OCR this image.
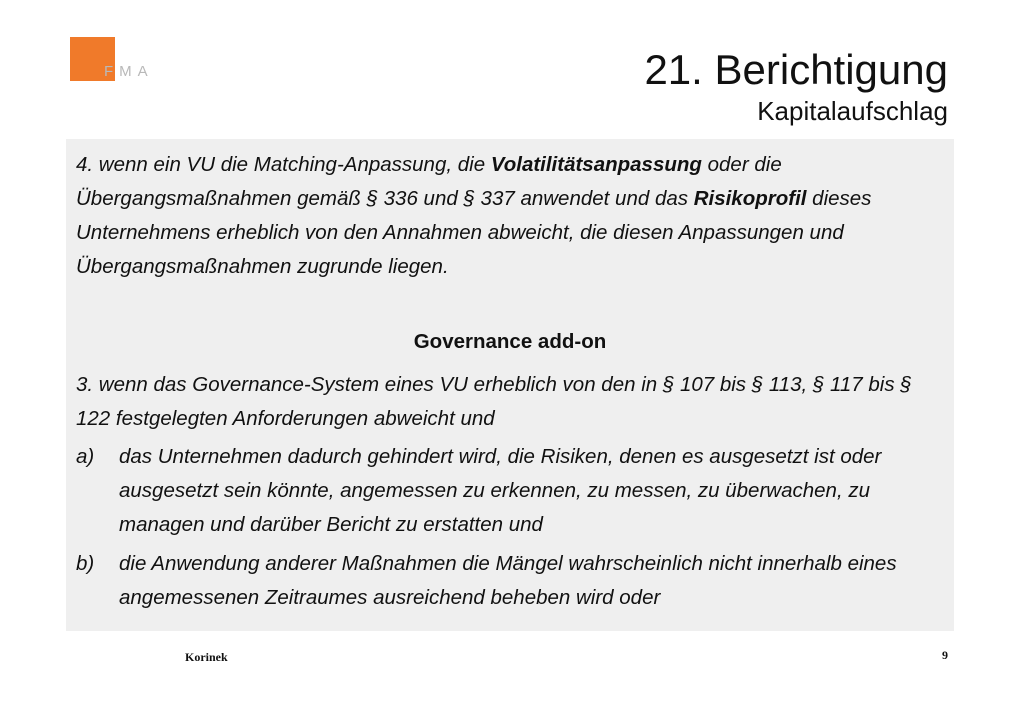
FMA	21. Berichtigung
Kapitalaufschlag
4. wenn ein VU die Matching-Anpassung, die Volatilitätsanpassung oder die Übergangsmaßnahmen gemäß § 336 und § 337 anwendet und das Risikoprofil dieses Unternehmens erheblich von den Annahmen abweicht, die diesen Anpassungen und Übergangsmaßnahmen zugrunde liegen.
Governance add-on
3. wenn das Governance-System eines VU erheblich von den in § 107 bis § 113, § 117 bis § 122 festgelegten Anforderungen abweicht und
a) das Unternehmen dadurch gehindert wird, die Risiken, denen es ausgesetzt ist oder ausgesetzt sein könnte, angemessen zu erkennen, zu messen, zu überwachen, zu managen und darüber Bericht zu erstatten und
b) die Anwendung anderer Maßnahmen die Mängel wahrscheinlich nicht innerhalb eines angemessenen Zeitraumes ausreichend beheben wird oder
Korinek	9
